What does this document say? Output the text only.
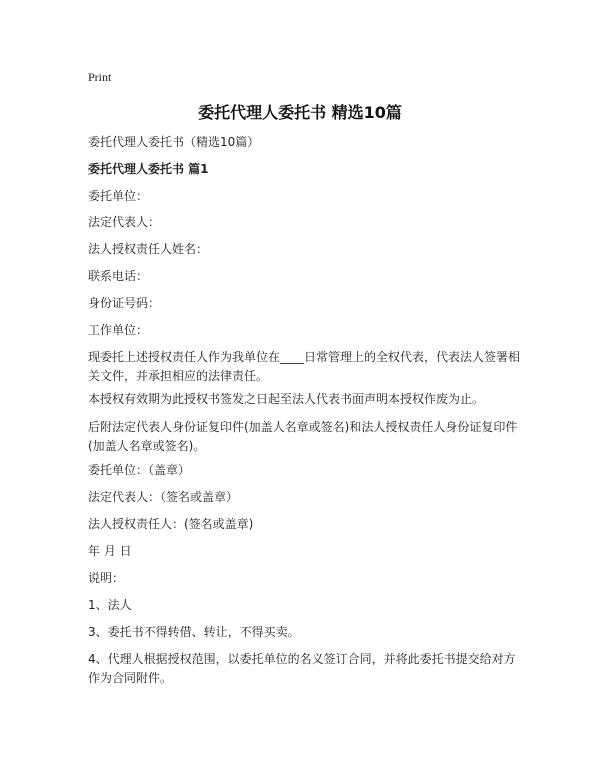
Print
委托代理人委托书 精选10篇
委托代理人委托书（精选10篇）
委托代理人委托书 篇1
委托单位：
法定代表人：
法人授权责任人姓名：
联系电话：
身份证号码：
工作单位：
现委托上述授权责任人作为我单位在____日常管理上的全权代表，代表法人签署相关文件，并承担相应的法律责任。
本授权有效期为此授权书签发之日起至法人代表书面声明本授权作废为止。
后附法定代表人身份证复印件(加盖人名章或签名)和法人授权责任人身份证复印件(加盖人名章或签名)。
委托单位：（盖章）
法定代表人：（签名或盖章）
法人授权责任人：(签名或盖章)
年 月 日
说明：
1、法人
3、委托书不得转借、转让，不得买卖。
4、代理人根据授权范围，以委托单位的名义签订合同，并将此委托书提交给对方作为合同附件。
